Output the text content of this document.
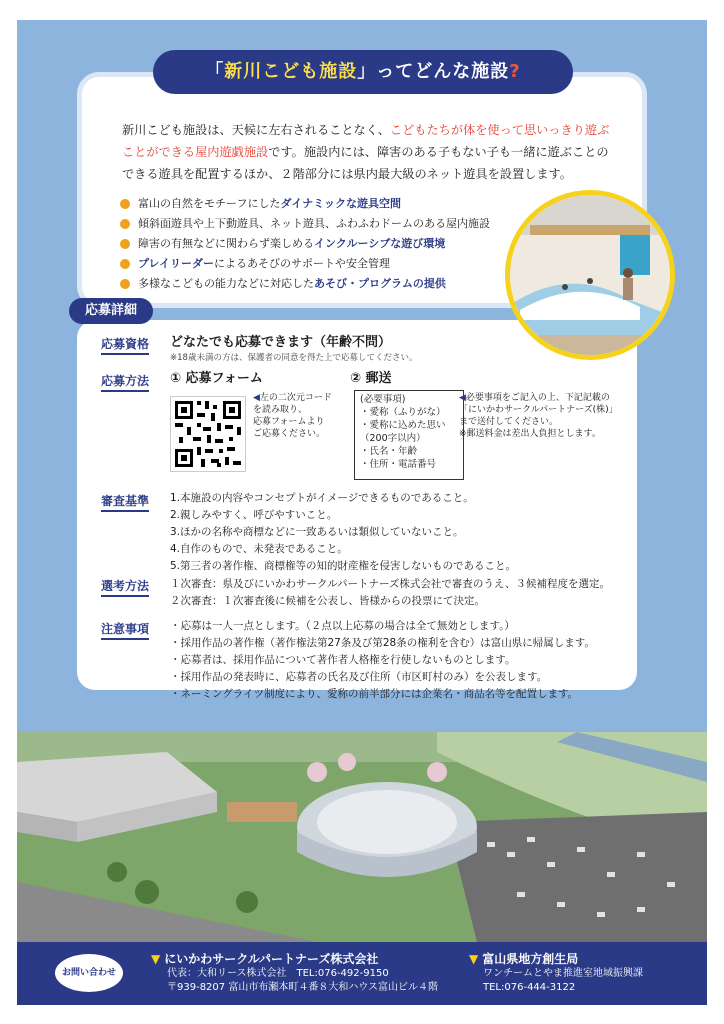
新川こども施設は、天候に左右されることなく、こどもたちが体を使って思いっきり遊ぶことができる屋内遊戯施設です。施設内には、障害のある子もない子も一緒に遊ぶことのできる遊具を配置するほか、２階部分には県内最大級のネット遊具を設置します。
富山の自然をモチーフにしたダイナミックな遊具空間
傾斜面遊具や上下動遊具、ネット遊具、ふわふわドームのある屋内施設
障害の有無などに関わらず楽しめるインクルーシブな遊び環境
プレイリーダーによるあそびのサポートや安全管理
多様なこどもの能力などに対応したあそび・プログラムの提供
「新川こども施設」ってどんな施設?
応募詳細
応募資格 どなたでも応募できます（年齢不問）
※18歳未満の方は、保護者の同意を得た上で応募してください。
応募方法 ① 応募フォーム	② 郵送
◀左の二次元コード
を読み取り、
応募フォームより
ご応募ください。
(必要事項)
・愛称（ふりがな）
・愛称に込めた思い
（200字以内）
・氏名・年齢
・住所・電話番号
◀必要事項をご記入の上、下記記載の
「にいかわサークルパートナーズ(株)」
まで送付してください。
※郵送料金は差出人負担とします。
審査基準 1.本施設の内容やコンセプトがイメージできるものであること。
2.親しみやすく、呼びやすいこと。
3.ほかの名称や商標などに一致あるいは類似していないこと。
4.自作のもので、未発表であること。
5.第三者の著作権、商標権等の知的財産権を侵害しないものであること。
選考方法 １次審査：県及びにいかわサークルパートナーズ株式会社で審査のうえ、３候補程度を選定。
２次審査：１次審査後に候補を公表し、皆様からの投票にて決定。
注意事項 ・応募は一人一点とします。（２点以上応募の場合は全て無効とします。）
・採用作品の著作権（著作権法第27条及び第28条の権利を含む）は富山県に帰属します。
・応募者は、採用作品について著作者人格権を行使しないものとします。
・採用作品の発表時に、応募者の氏名及び住所（市区町村のみ）を公表します。
・ネーミングライツ制度により、愛称の前半部分には企業名・商品名等を配置します。
お問い合わせ
▼ にいかわサークルパートナーズ株式会社
代表：大和リース株式会社　TEL:076-492-9150
〒939-8207 富山市布瀬本町４番８大和ハウス富山ビル４階
▼ 富山県地方創生局
ワンチームとやま推進室地域振興課
TEL:076-444-3122
